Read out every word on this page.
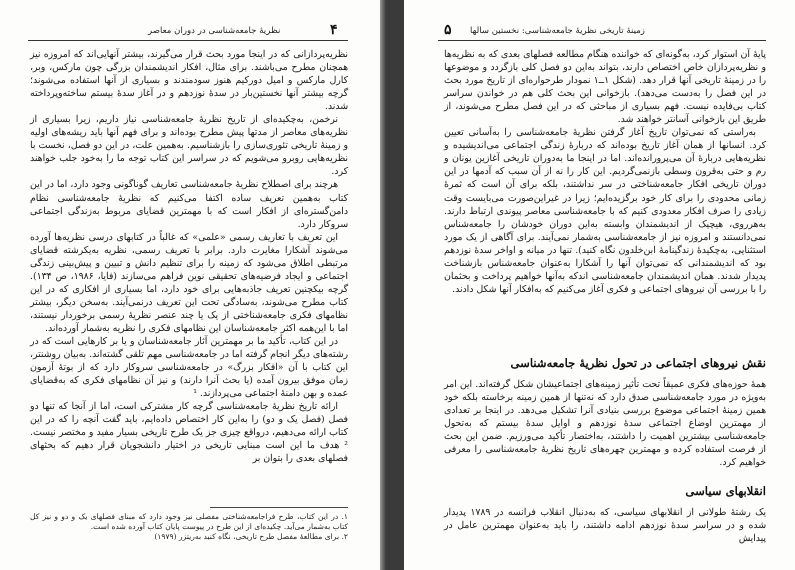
۴
نظریهٔ جامعه‌شناسی در دوران معاصر

نظریه‌پردازانی که در اینجا مورد بحث قرار می‌گیرند، بیشتر آنهایی‌اند که امروزه نیز همچنان مطرح می‌باشند. برای مثال، افکار اندیشمندان بزرگی چون مارکس، وبر، کارل مارکس و امیل دورکیم هنوز سودمندند و بسیاری از آنها استفاده می‌شوند؛ گرچه بیشتر آنها نخستین‌بار در سدهٔ نوزدهم و در آغاز سدهٔ بیستم ساخته‌وپرداخته شدند.

نرخمن، به‌چکیده‌ای از تاریخ نظریهٔ جامعه‌شناسی نیاز داریم، زیرا بسیاری از نظریه‌های معاصر از مدتها پیش مطرح بوده‌اند و برای فهم آنها باید ریشه‌های اولیه و زمینهٔ تاریخی تئوری‌سازی را بازشناسیم. به‌همین علت، در این دو فصل، نخست با نظریه‌هایی روبرو می‌شویم که در سراسر این کتاب توجه ما را به‌خود جلب خواهند کرد.

هرچند برای اصطلاح نظریهٔ جامعه‌شناسی تعاریف گوناگونی وجود دارد، اما در این کتاب به‌همین تعریف ساده اکتفا می‌کنیم که نظریهٔ جامعه‌شناسی نظام دامن‌گستره‌ای از افکار است که با مهمترین قضایای مربوط به‌زندگی اجتماعی سروکار دارد.

این تعریف با تعاریف رسمی «علمی» که غالباً در کتابهای درسی نظریه‌ها آورده می‌شوند آشکارا مغایرت دارد. برابر با تعریف رسمی، نظریه به‌یکرشته قضایای مرتبطی اطلاق می‌شود که زمینه را برای تنظیم دانش و تبیین و پیش‌بینی زندگی اجتماعی و ایجاد فرضیه‌های تحقیقی نوین فراهم می‌سازند (فایا، ۱۹۸۶، ص ۱۳۴). گرچه بیکچنین تعریف جاذبه‌هایی برای خود دارد، اما بسیاری از افکاری که در این کتاب مطرح می‌شوند، به‌سادگی تحت این تعریف درنمی‌آیند. به‌سخن دیگر، بیشتر نظامهای فکری جامعه‌شناختی از یک یا چند عنصر نظریهٔ رسمی برخوردار نیستند، اما با این‌همه اکثر جامعه‌شناسان این نظامهای فکری را نظریه به‌شمار آورده‌اند.

در این کتاب، تأکید ما بر مهمترین آثار جامعه‌شناسان و یا بر کارهایی است که در رشته‌های دیگر انجام گرفته اما در جامعه‌شناسی مهم تلقی گشته‌اند. به‌بیان روشنتر، این کتاب با آن «افکار بزرگ» در جامعه‌شناسی سروکار دارد که از بوتهٔ آزمون زمان موفق بیرون آمده (یا بحث آنرا دارند) و نیز آن نظامهای فکری که به‌قضایای عمده و بهن دامنهٔ اجتماعی می‌پردازند. ¹

ارائه تاریخ نظریهٔ جامعه‌شناسی گرچه کار مشترکی است، اما از آنجا که تنها دو فصل (فصل یک و دو) را به‌این کار اختصاص داده‌ایم، باید گفت آنچه را که در این کتاب ارائه می‌دهیم، درواقع چیزی جز یک طرح تاریخی بسیار مفید و مختصر نیست. ² هدف ما این است مبنایی تاریخی در اختیار دانشجویان قرار دهیم که بحثهای فصلهای بعدی را بتوان بر

۱. در این کتاب، طرح فراجامعه‌شناختی مفصلی نیز وجود دارد که مبنای فصلهای یک و دو و نیز کل کتاب به‌شمار می‌آید. چکیده‌ای از این طرح در پیوست پایان کتاب آورده شده است.
۲. برای مطالعهٔ مفصل طرح تاریخی، نگاه کنید به‌ریتزر (۱۹۷۹)
۵ زمینهٔ تاریخی نظریهٔ جامعه‌شناسی: نخستین سالها

پایهٔ آن استوار کرد، به‌گونه‌ای که خواننده هنگام مطالعه فصلهای بعدی که به نظریه‌ها و نظریه‌پردازان خاص اختصاص دارند، بتواند به‌این دو فصل کلی بازگردد و موضوعها را در زمینهٔ تاریخی آنها قرار دهد. (شکل ۱ــ۱ نمودار طرحواره‌ای از تاریخ مورد بحث در این فصل را به‌دست می‌دهد). بازخوانی این بحث کلی هم در خواندن سراسر کتاب بی‌فایده نیست. فهم بسیاری از مباحثی که در این فصل مطرح می‌شوند، از طریق این بازخوانی آسانتر خواهند شد.

به‌راستی که نمی‌توان تاریخ آغاز گرفتن نظریهٔ جامعه‌شناسی را به‌آسانی تعیین کرد. انسانها از همان آغاز تاریخ بوده‌اند که دربارهٔ زندگی اجتماعی می‌اندیشیده و نظریه‌هایی دربارهٔ آن می‌پرورانده‌اند. اما در اینجا ما به‌دوران تاریخی آغازین یونان و رم و حتی به‌قرون وسطی بازنمی‌گردیم. این کار را نه از آن سبب که آدمها در این دوران تاریخی افکار جامعه‌شناختی در سر نداشتند، بلکه برای آن است که ثمرهٔ زمانی محدودی را برای کار خود برگزیده‌ایم؛ زیرا در غیراین‌صورت می‌بایست وقت زیادی را صرف افکار معدودی کنیم که با جامعه‌شناسی معاصر پیوندی ارتباط دارند. به‌هرروی، هیچیک از اندیشمندان وابسته به‌این دوران خودشان را جامعه‌شناس نمی‌دانستند و امروزه نیز از جامعه‌شناسی به‌شمار نمی‌آیند. برای آگاهی از یک مورد استثنایی، به‌چکیدهٔ زندگینامهٔ ابن‌خلدون نگاه کنید). تنها در میانه و اواخر سدهٔ نوزدهم بود که اندیشمندانی که نمی‌توان آنها را آشکارا به‌عنوان جامعه‌شناس بازشناخت پدیدار شدند. همان اندیشمندان جامعه‌شناسی اندکه به‌آنها خواهیم پرداخت و بحثمان را با بررسی آن نیروهای اجتماعی و فکری آغاز می‌کنیم که به‌افکار آنها شکل دادند.

نقش نیروهای اجتماعی در تحول نظریهٔ جامعه‌شناسی

همهٔ حوزه‌های فکری عمیقاً تحت تأثیر زمینه‌های اجتماعیشان شکل گرفته‌اند. این امر به‌ویژه در مورد جامعه‌شناسی صدق دارد که نه‌تنها از همین زمینه برخاسته بلکه خود همین زمینهٔ اجتماعی موضوع بررسی بنیادی آنرا تشکیل می‌دهد. در اینجا بر تعدادی از مهمترین اوضاع اجتماعی سدهٔ نوزدهم و اوایل سدهٔ بیستم که به‌تحول جامعه‌شناسی بیشترین اهمیت را داشتند، به‌اختصار تأکید می‌ورزیم. ضمن این بحث از فرصت استفاده کرده و مهمترین چهره‌های تاریخ نظریهٔ جامعه‌شناسی را معرفی خواهیم کرد.

انقلابهای سیاسی

یک رشتهٔ طولانی از انقلابهای سیاسی، که به‌دنبال انقلاب فرانسه در ۱۷۸۹ پدیدار شده و در سراسر سدهٔ نوزدهم ادامه داشتند، را باید به‌عنوان مهمترین عامل در پیدایش
